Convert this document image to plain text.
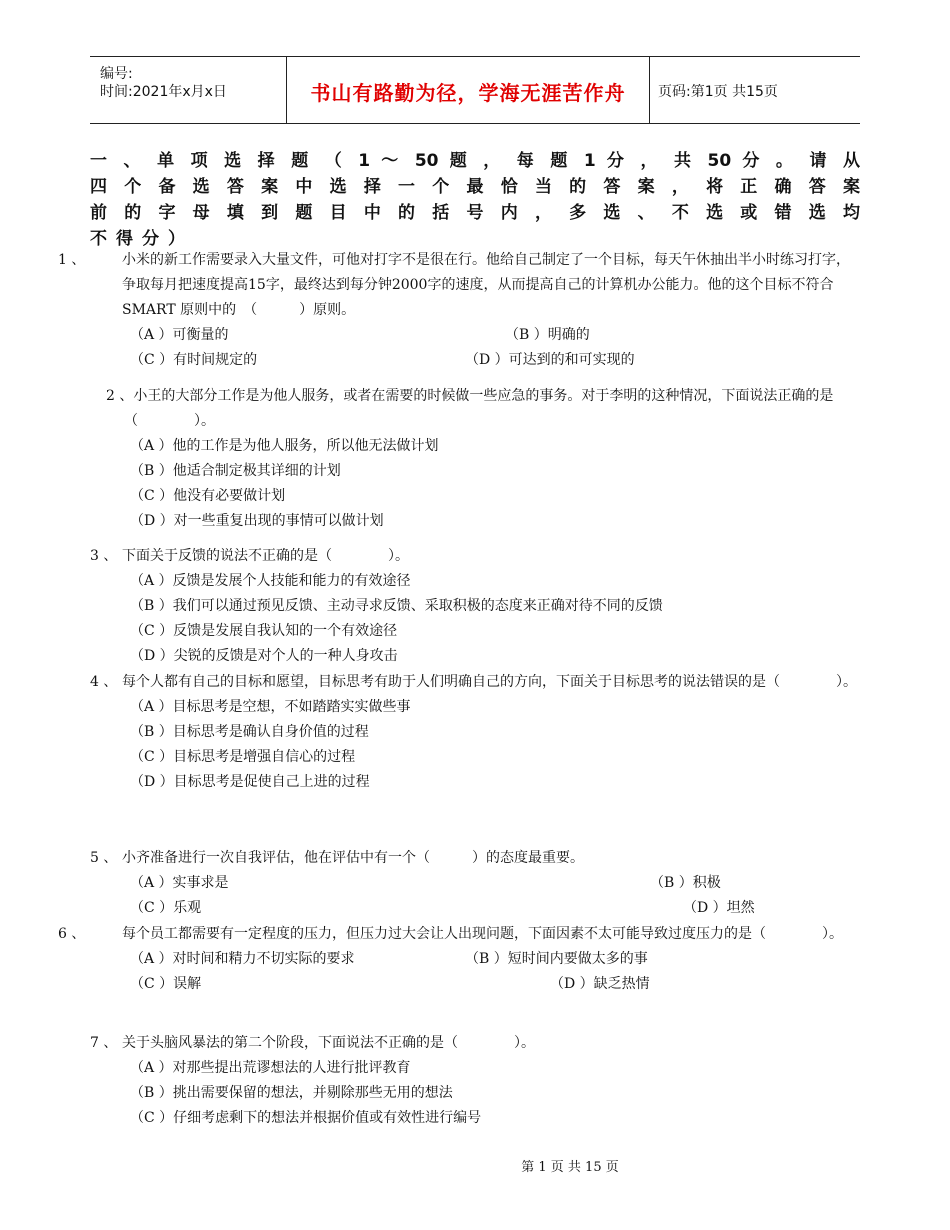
编号:
时间:2021年x月x日	书山有路勤为径，学海无涯苦作舟	页码:第1页 共15页
一 、 单 项 选 择 题 （ 1 ～ 50 题 ， 每 题 1 分 ， 共 50 分 。 请 从
四 个 备 选 答 案 中 选 择 一 个 最 恰 当 的 答 案 ， 将 正 确 答 案
前 的 字 母 填 到 题 目 中 的 括 号 内 ， 多 选 、 不 选 或 错 选 均
不得分）
1 、	小米的新工作需要录入大量文件，可他对打字不是很在行。他给自己制定了一个目标，每天午休抽出半小时练习打字，争取每月把速度提高15字，最终达到每分钟2000字的速度，从而提高自己的计算机办公能力。他的这个目标不符合SMART 原则中的　（　　　）原则。
（A ）可衡量的	（B ）明确的
（C ）有时间规定的	（D ）可达到的和可实现的
2 、小王的大部分工作是为他人服务，或者在需要的时候做一些应急的事务。对于李明的这种情况，下面说法正确的是（　　　　）。
（A ）他的工作是为他人服务，所以他无法做计划
（B ）他适合制定极其详细的计划
（C ）他没有必要做计划
（D ）对一些重复出现的事情可以做计划
3 、 下面关于反馈的说法不正确的是（　　　　）。
（A ）反馈是发展个人技能和能力的有效途径
（B ）我们可以通过预见反馈、主动寻求反馈、采取积极的态度来正确对待不同的反馈
（C ）反馈是发展自我认知的一个有效途径
（D ）尖锐的反馈是对个人的一种人身攻击
4 、 每个人都有自己的目标和愿望，目标思考有助于人们明确自己的方向，下面关于目标思考的说法错误的是（　　　　）。
（A ）目标思考是空想，不如踏踏实实做些事
（B ）目标思考是确认自身价值的过程
（C ）目标思考是增强自信心的过程
（D ）目标思考是促使自己上进的过程
5 、 小齐准备进行一次自我评估，他在评估中有一个（　　　）的态度最重要。
（A ）实事求是	（B ）积极
（C ）乐观	（D ）坦然
6 、	每个员工都需要有一定程度的压力，但压力过大会让人出现问题，下面因素不太可能导致过度压力的是（　　　　）。
（A ）对时间和精力不切实际的要求	（B ）短时间内要做太多的事
（C ）误解	（D ）缺乏热情
7 、 关于头脑风暴法的第二个阶段，下面说法不正确的是（　　　　）。
（A ）对那些提出荒谬想法的人进行批评教育
（B ）挑出需要保留的想法，并剔除那些无用的想法
（C ）仔细考虑剩下的想法并根据价值或有效性进行编号
第 1 页 共 15 页
